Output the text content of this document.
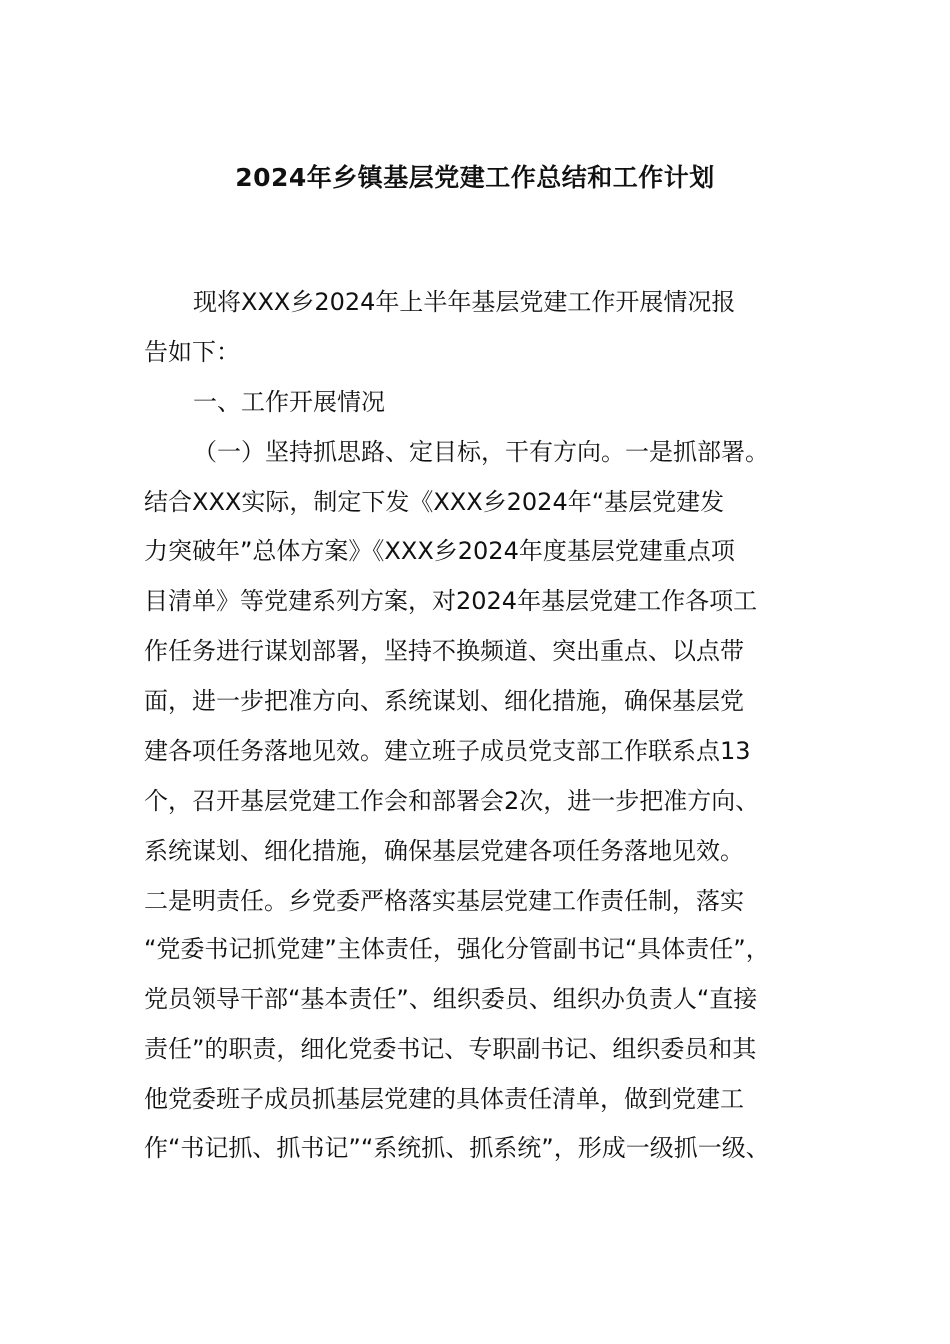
2024年乡镇基层党建工作总结和工作计划

现将XXX乡2024年上半年基层党建工作开展情况报

告如下：

一、工作开展情况

（一）坚持抓思路、定目标，干有方向。一是抓部署。

结合XXX实际，制定下发《XXX乡2024年“基层党建发

力突破年”总体方案》《XXX乡2024年度基层党建重点项

目清单》等党建系列方案，对2024年基层党建工作各项工

作任务进行谋划部署，坚持不换频道、突出重点、以点带

面，进一步把准方向、系统谋划、细化措施，确保基层党

建各项任务落地见效。建立班子成员党支部工作联系点13

个，召开基层党建工作会和部署会2次，进一步把准方向、

系统谋划、细化措施，确保基层党建各项任务落地见效。

二是明责任。乡党委严格落实基层党建工作责任制，落实

“党委书记抓党建”主体责任，强化分管副书记“具体责任”，

党员领导干部“基本责任”、组织委员、组织办负责人“直接

责任”的职责，细化党委书记、专职副书记、组织委员和其

他党委班子成员抓基层党建的具体责任清单，做到党建工

作“书记抓、抓书记”“系统抓、抓系统”，形成一级抓一级、
